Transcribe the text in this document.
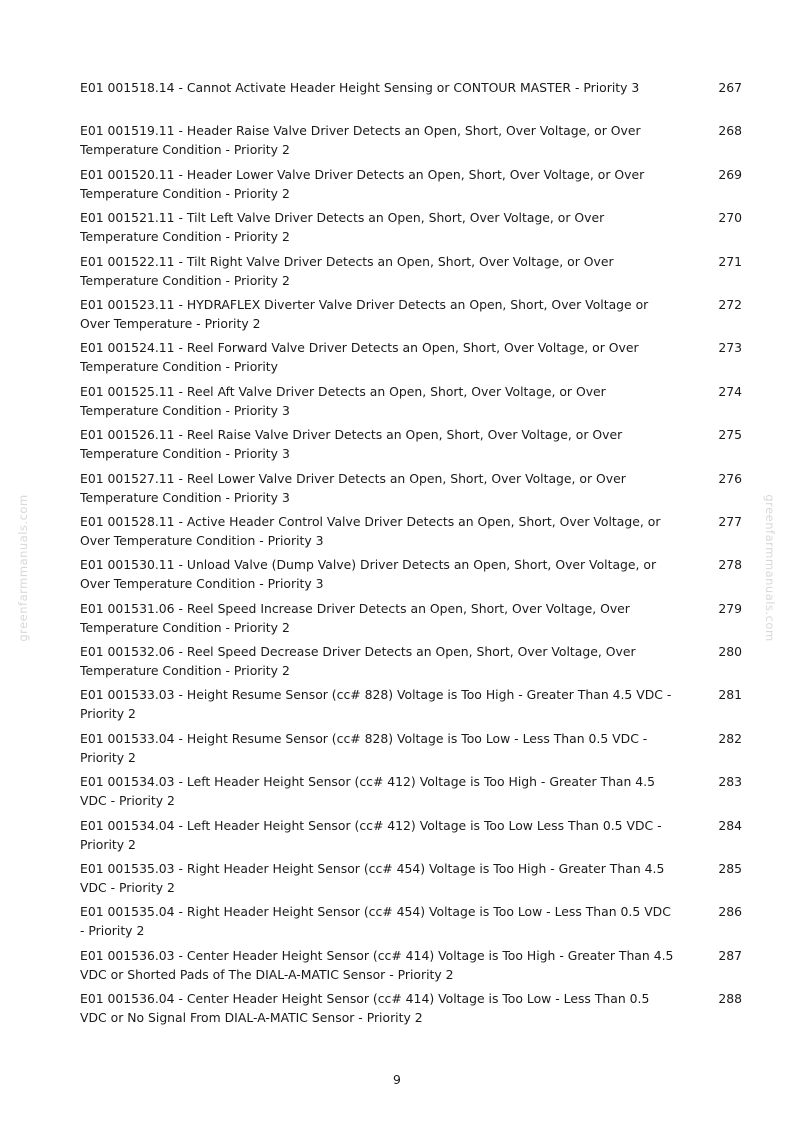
greenfarmmanuals.com	greenfarmmanuals.com
E01 001518.14 - Cannot Activate Header Height Sensing or CONTOUR MASTER - Priority 3	267
E01 001519.11 - Header Raise Valve Driver Detects an Open, Short, Over Voltage, or Over Temperature Condition - Priority 2
268
E01 001520.11 - Header Lower Valve Driver Detects an Open, Short, Over Voltage, or Over Temperature Condition - Priority 2
269
E01 001521.11 - Tilt Left Valve Driver Detects an Open, Short, Over Voltage, or Over Temperature Condition - Priority 2
270
E01 001522.11 - Tilt Right Valve Driver Detects an Open, Short, Over Voltage, or Over Temperature Condition - Priority 2
271
E01 001523.11 - HYDRAFLEX Diverter Valve Driver Detects an Open, Short, Over Voltage or Over Temperature - Priority 2
272
E01 001524.11 - Reel Forward Valve Driver Detects an Open, Short, Over Voltage, or Over Temperature Condition - Priority
273
E01 001525.11 - Reel Aft Valve Driver Detects an Open, Short, Over Voltage, or Over Temperature Condition - Priority 3
274
E01 001526.11 - Reel Raise Valve Driver Detects an Open, Short, Over Voltage, or Over Temperature Condition - Priority 3
275
E01 001527.11 - Reel Lower Valve Driver Detects an Open, Short, Over Voltage, or Over Temperature Condition - Priority 3
276
E01 001528.11 - Active Header Control Valve Driver Detects an Open, Short, Over Voltage, or Over Temperature Condition - Priority 3
277
E01 001530.11 - Unload Valve (Dump Valve) Driver Detects an Open, Short, Over Voltage, or Over Temperature Condition - Priority 3
278
E01 001531.06 - Reel Speed Increase Driver Detects an Open, Short, Over Voltage, Over Temperature Condition - Priority 2
279
E01 001532.06 - Reel Speed Decrease Driver Detects an Open, Short, Over Voltage, Over Temperature Condition - Priority 2
280
E01 001533.03 - Height Resume Sensor (cc# 828) Voltage is Too High - Greater Than 4.5 VDC - Priority 2
281
E01 001533.04 - Height Resume Sensor (cc# 828) Voltage is Too Low - Less Than 0.5 VDC - Priority 2
282
E01 001534.03 - Left Header Height Sensor (cc# 412) Voltage is Too High - Greater Than 4.5 VDC - Priority 2
283
E01 001534.04 - Left Header Height Sensor (cc# 412) Voltage is Too Low Less Than 0.5 VDC - Priority 2
284
E01 001535.03 - Right Header Height Sensor (cc# 454) Voltage is Too High - Greater Than 4.5 VDC - Priority 2
285
E01 001535.04 - Right Header Height Sensor (cc# 454) Voltage is Too Low - Less Than 0.5 VDC - Priority 2
286
E01 001536.03 - Center Header Height Sensor (cc# 414) Voltage is Too High - Greater Than 4.5 VDC or Shorted Pads of The DIAL-A-MATIC Sensor - Priority 2
287
E01 001536.04 - Center Header Height Sensor (cc# 414) Voltage is Too Low - Less Than 0.5 VDC or No Signal From DIAL-A-MATIC Sensor - Priority 2
288
9
